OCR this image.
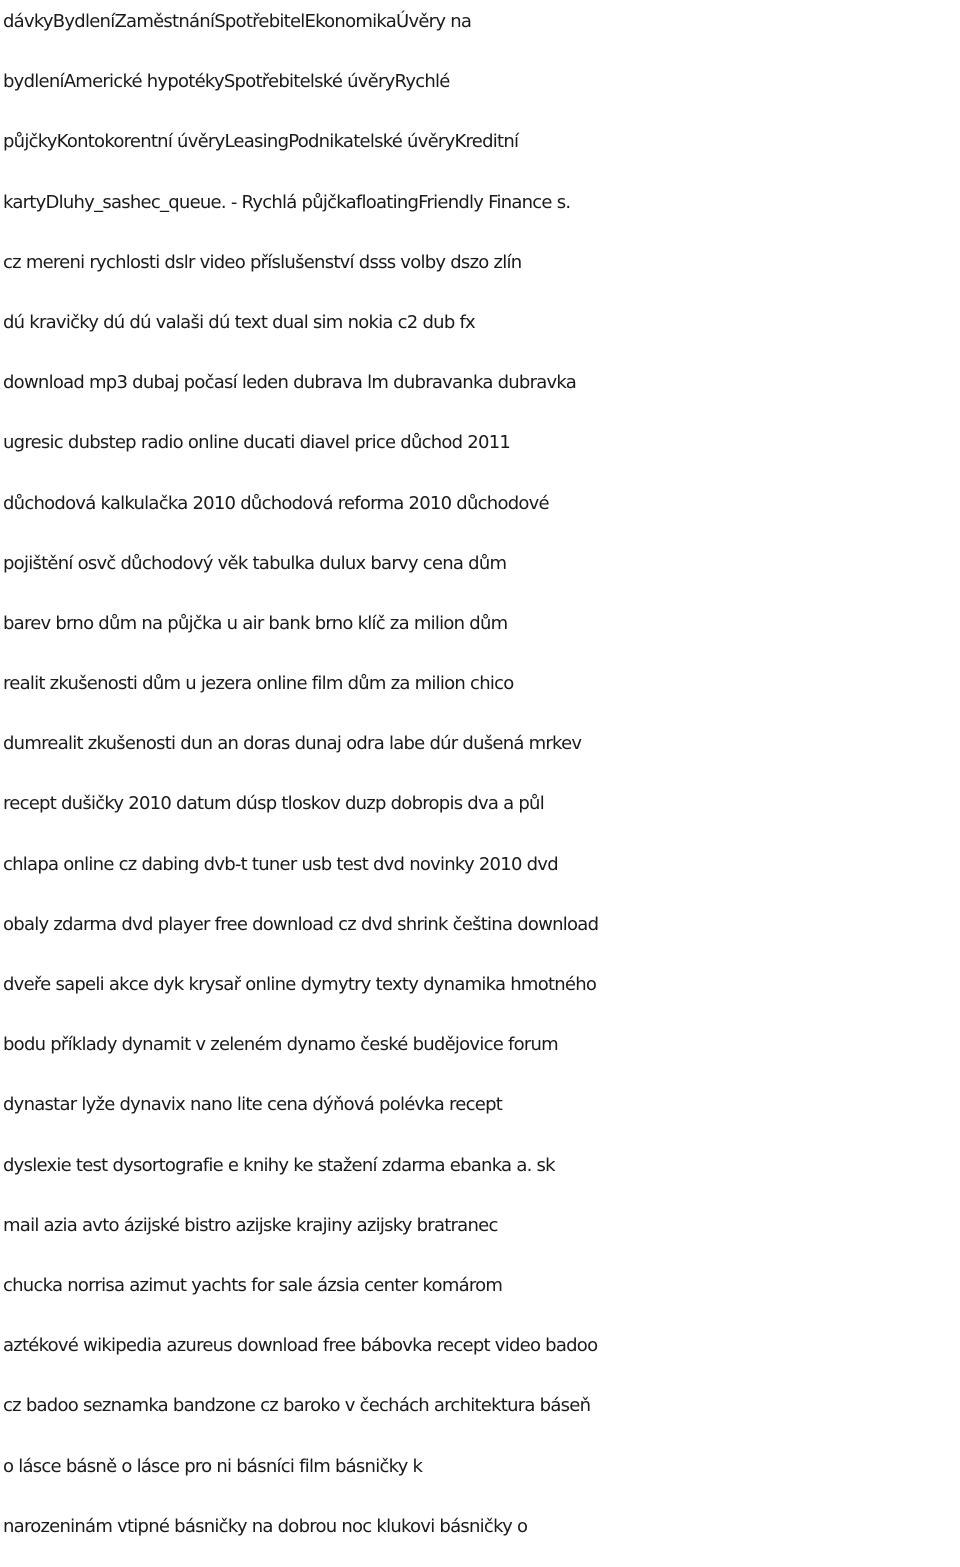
dávkyBydleníZaměstnáníSpotřebitelEkonomikaÚvěry na
bydleníAmerické hypotékySpotřebitelské úvěryRychlé
půjčkyKontokorentní úvěryLeasingPodnikatelské úvěryKreditní
kartyDluhy_sashec_queue. - Rychlá půjčkafloatingFriendly Finance s.
cz mereni rychlosti dslr video příslušenství dsss volby dszo zlín
dú kravičky dú dú valaši dú text dual sim nokia c2 dub fx
download mp3 dubaj počasí leden dubrava lm dubravanka dubravka
ugresic dubstep radio online ducati diavel price důchod 2011
důchodová kalkulačka 2010 důchodová reforma 2010 důchodové
pojištění osvč důchodový věk tabulka dulux barvy cena dům
barev brno dům na půjčka u air bank brno klíč za milion dům
realit zkušenosti dům u jezera online film dům za milion chico
dumrealit zkušenosti dun an doras dunaj odra labe dúr dušená mrkev
recept dušičky 2010 datum dúsp tloskov duzp dobropis dva a půl
chlapa online cz dabing dvb-t tuner usb test dvd novinky 2010 dvd
obaly zdarma dvd player free download cz dvd shrink čeština download
dveře sapeli akce dyk krysař online dymytry texty dynamika hmotného
bodu příklady dynamit v zeleném dynamo české budějovice forum
dynastar lyže dynavix nano lite cena dýňová polévka recept
dyslexie test dysortografie e knihy ke stažení zdarma ebanka a. sk
mail azia avto ázijské bistro azijske krajiny azijsky bratranec
chucka norrisa azimut yachts for sale ázsia center komárom
aztékové wikipedia azureus download free bábovka recept video badoo
cz badoo seznamka bandzone cz baroko v čechách architektura báseň
o lásce básně o lásce pro ni básníci film básničky k
narozeninám vtipné básničky na dobrou noc klukovi básničky o
